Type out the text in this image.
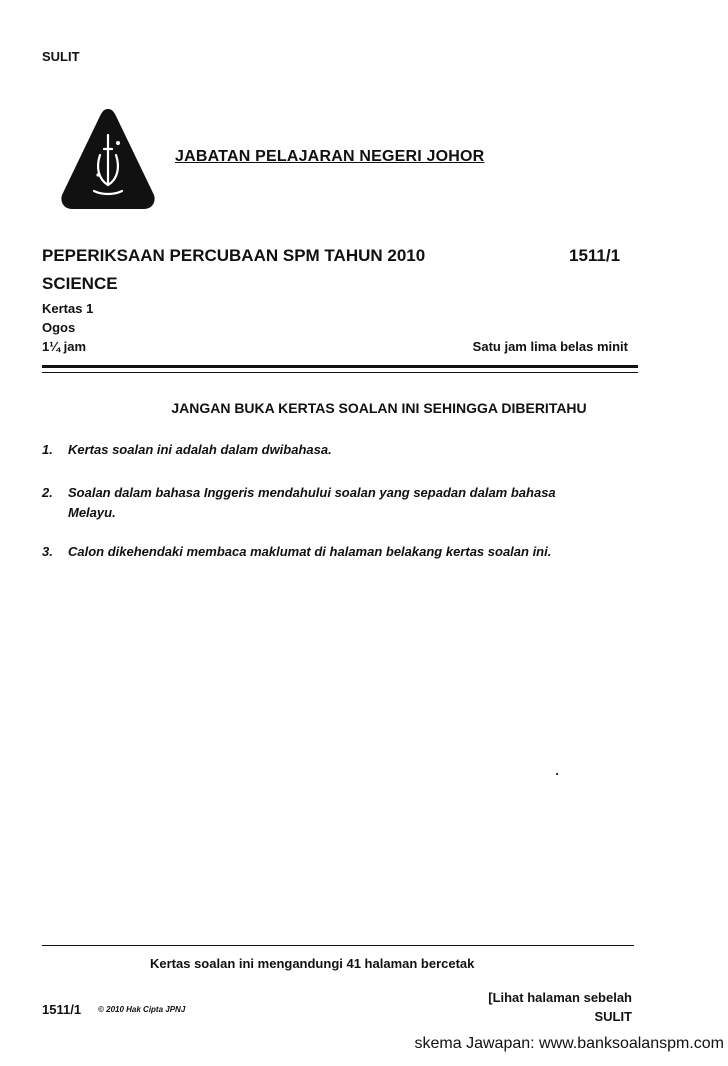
SULIT
JABATAN PELAJARAN NEGERI JOHOR
PEPERIKSAAN PERCUBAAN SPM TAHUN 2010	1511/1
SCIENCE
Kertas 1
Ogos
1¼ jam	Satu jam lima belas minit
JANGAN BUKA KERTAS SOALAN INI SEHINGGA DIBERITAHU
1. Kertas soalan ini adalah dalam dwibahasa.
2. Soalan dalam bahasa Inggeris mendahului soalan yang sepadan dalam bahasa
Melayu.
3. Calon dikehendaki membaca maklumat di halaman belakang kertas soalan ini.
Kertas soalan ini mengandungi 41 halaman bercetak
[Lihat halaman sebelah
SULIT
1511/1 © 2010 Hak Cipta JPNJ
skema Jawapan: www.banksoalanspm.com
